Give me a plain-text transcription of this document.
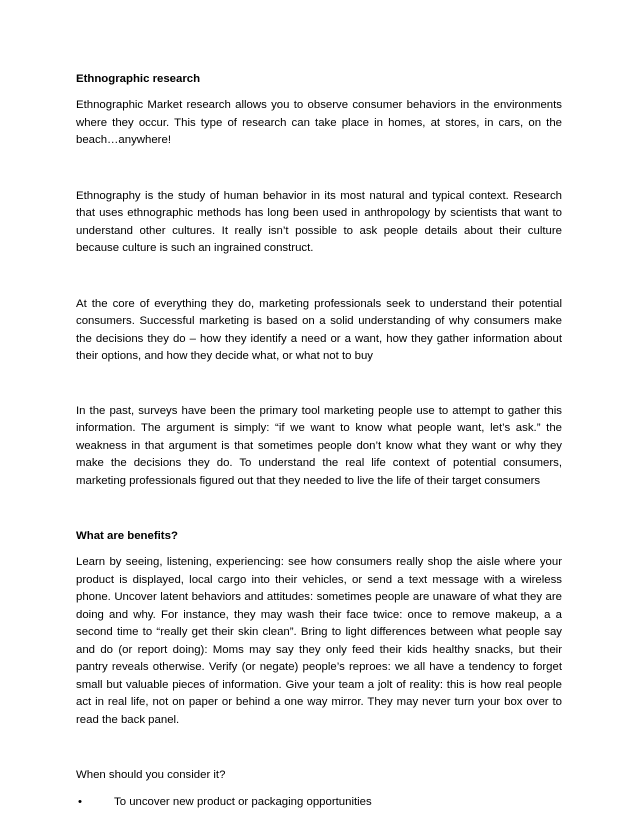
Ethnographic research

Ethnographic Market research allows you to observe consumer behaviors in the environments where they occur. This type of research can take place in homes, at stores, in cars, on the beach…anywhere!

Ethnography is the study of human behavior in its most natural and typical context. Research that uses ethnographic methods has long been used in anthropology by scientists that want to understand other cultures. It really isn’t possible to ask people details about their culture because culture is such an ingrained construct.

At the core of everything they do, marketing professionals seek to understand their potential consumers. Successful marketing is based on a solid understanding of why consumers make the decisions they do – how they identify a need or a want, how they gather information about their options, and how they decide what, or what not to buy

In the past, surveys have been the primary tool marketing people use to attempt to gather this information. The argument is simply: “if we want to know what people want, let’s ask.” the weakness in that argument is that sometimes people don’t know what they want or why they make the decisions they do. To understand the real life context of potential consumers, marketing professionals figured out that they needed to live the life of their target consumers

What are benefits?

Learn by seeing, listening, experiencing: see how consumers really shop the aisle where your product is displayed, local cargo into their vehicles, or send a text message with a wireless phone. Uncover latent behaviors and attitudes: sometimes people are unaware of what they are doing and why. For instance, they may wash their face twice: once to remove makeup, a a second time to “really get their skin clean”. Bring to light differences between what people say and do (or report doing): Moms may say they only feed their kids healthy snacks, but their pantry reveals otherwise. Verify (or negate) people’s reproes: we all have a tendency to forget small but valuable pieces of information. Give your team a jolt of reality: this is how real people act in real life, not on paper or behind a one way mirror. They may never turn your box over to read the back panel.

When should you consider it?

•	To uncover new product or packaging opportunities
